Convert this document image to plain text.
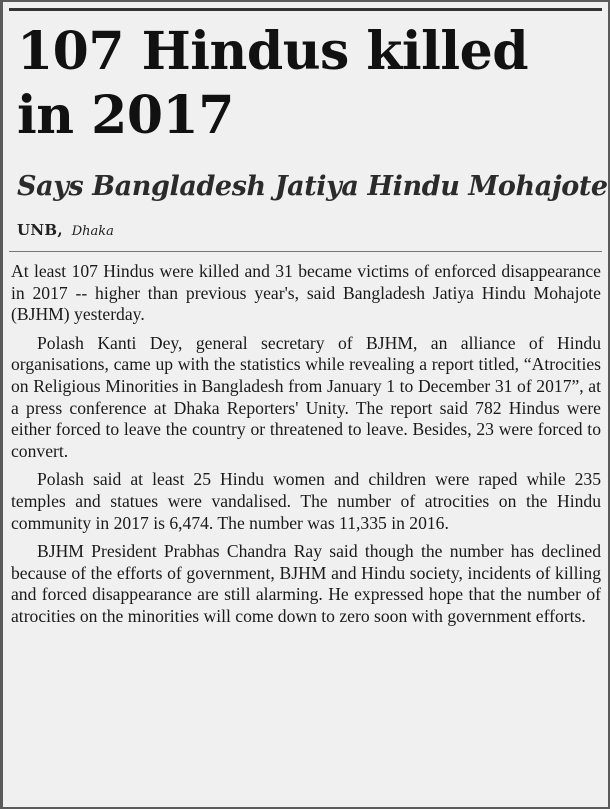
107 Hindus killed in 2017
Says Bangladesh Jatiya Hindu Mohajote
UNB, Dhaka

At least 107 Hindus were killed and 31 became victims of enforced disappearance in 2017 -- higher than previous year's, said Bangladesh Jatiya Hindu Mohajote (BJHM) yesterday.

Polash Kanti Dey, general secretary of BJHM, an alliance of Hindu organisations, came up with the statistics while revealing a report titled, “Atrocities on Religious Minorities in Bangladesh from January 1 to December 31 of 2017”, at a press conference at Dhaka Reporters' Unity. The report said 782 Hindus were either forced to leave the country or threatened to leave. Besides, 23 were forced to convert.

Polash said at least 25 Hindu women and children were raped while 235 temples and statues were vandalised. The number of atrocities on the Hindu community in 2017 is 6,474. The number was 11,335 in 2016.

BJHM President Prabhas Chandra Ray said though the number has declined because of the efforts of government, BJHM and Hindu society, incidents of killing and forced disappearance are still alarming. He expressed hope that the number of atrocities on the minorities will come down to zero soon with government efforts.
